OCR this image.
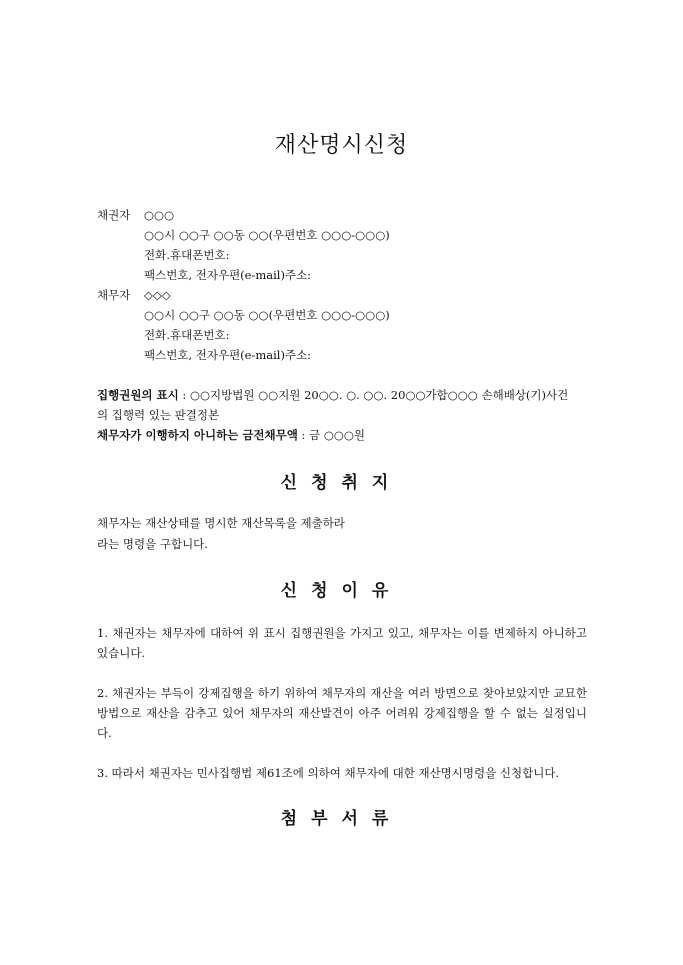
재산명시신청
채권자 ○○○
○○시 ○○구 ○○동 ○○(우편번호 ○○○-○○○)
전화․휴대폰번호:
팩스번호, 전자우편(e-mail)주소:
채무자 ◇◇◇
○○시 ○○구 ○○동 ○○(우편번호 ○○○-○○○)
전화․휴대폰번호:
팩스번호, 전자우편(e-mail)주소:
집행권원의 표시 : ○○지방법원 ○○지원 20○○. ○. ○○. 20○○가합○○○ 손해배상(기)사건
의 집행력 있는 판결정본
채무자가 이행하지 아니하는 금전채무액 : 금 ○○○원
신청취지
채무자는 재산상태를 명시한 재산목록을 제출하라
라는 명령을 구합니다.
신청이유
1. 채권자는 채무자에 대하여 위 표시 집행권원을 가지고 있고, 채무자는 이를 변제하지 아니하고 있습니다.
2. 채권자는 부득이 강제집행을 하기 위하여 채무자의 재산을 여러 방면으로 찾아보았지만 교묘한 방법으로 재산을 감추고 있어 채무자의 재산발견이 아주 어려워 강제집행을 할 수 없는 실정입니다.
3. 따라서 채권자는 민사집행법 제61조에 의하여 채무자에 대한 재산명시명령을 신청합니다.
첨부서류
